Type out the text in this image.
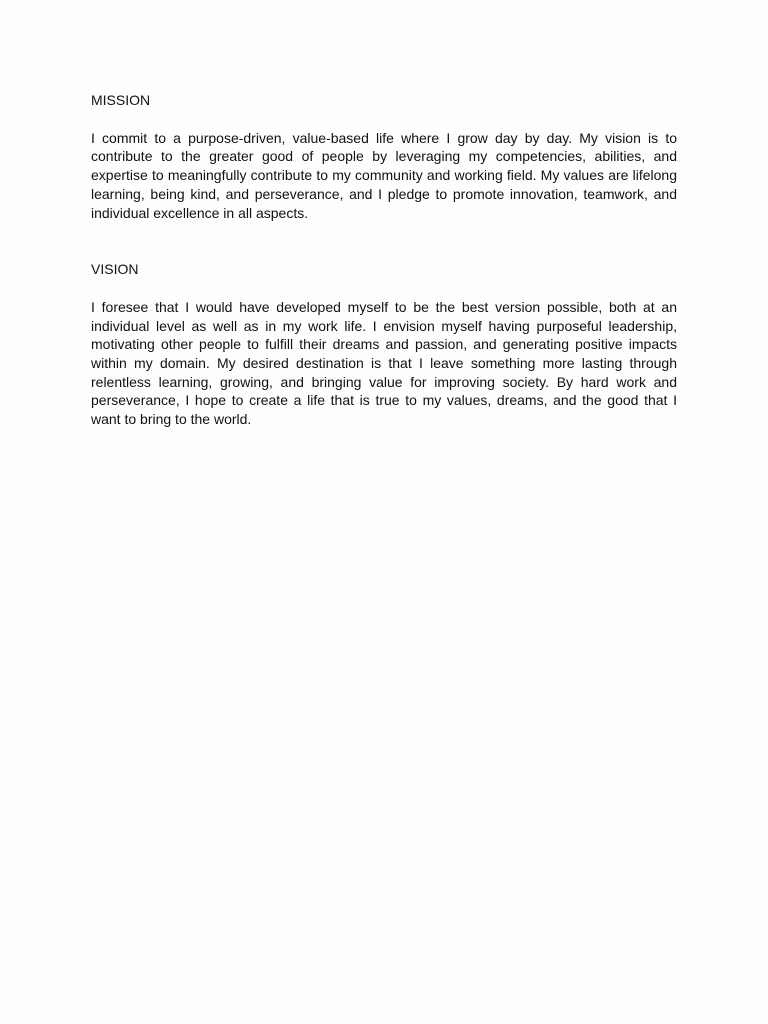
MISSION

I commit to a purpose-driven, value-based life where I grow day by day. My vision is to contribute to the greater good of people by leveraging my competencies, abilities, and expertise to meaningfully contribute to my community and working field. My values are lifelong learning, being kind, and perseverance, and I pledge to promote innovation, teamwork, and individual excellence in all aspects.

VISION

I foresee that I would have developed myself to be the best version possible, both at an individual level as well as in my work life. I envision myself having purposeful leadership, motivating other people to fulfill their dreams and passion, and generating positive impacts within my domain. My desired destination is that I leave something more lasting through relentless learning, growing, and bringing value for improving society. By hard work and perseverance, I hope to create a life that is true to my values, dreams, and the good that I want to bring to the world.
